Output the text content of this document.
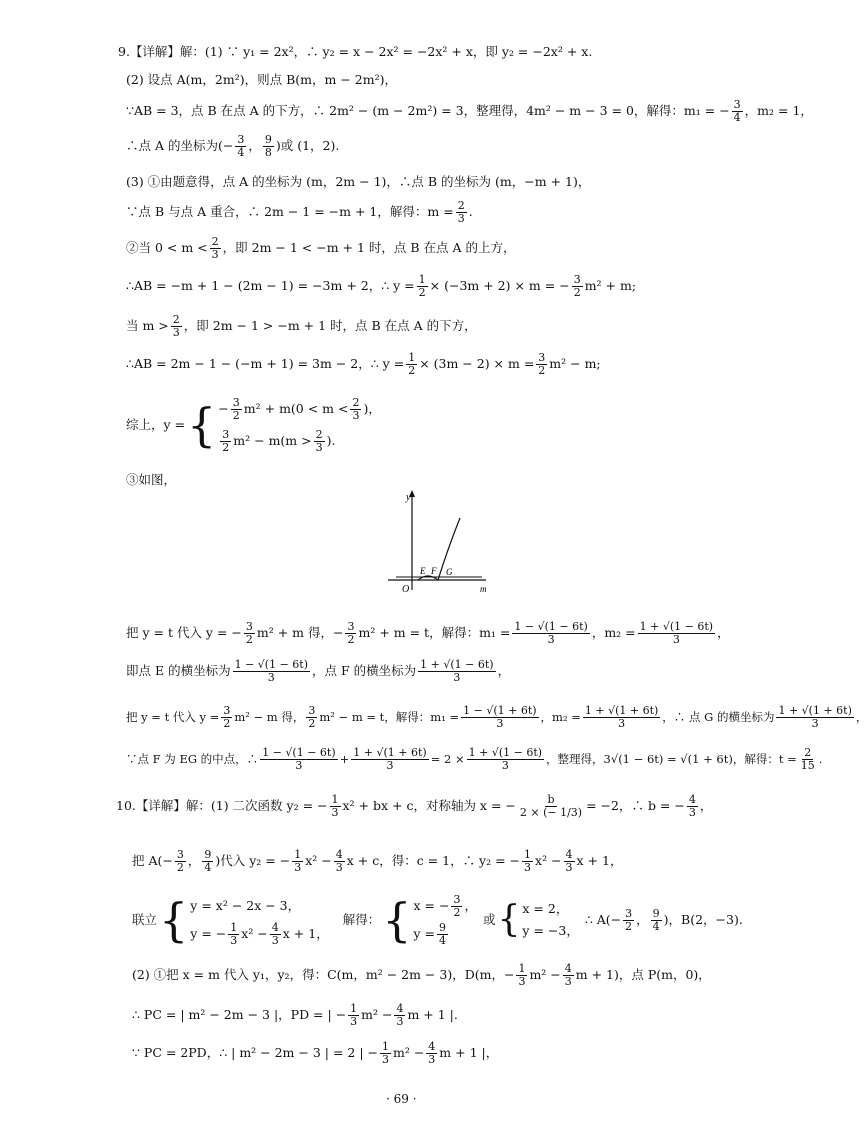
9.【详解】解：(1) ∵ y₁ = 2x²，∴ y₂ = x − 2x² = −2x² + x，即 y₂ = −2x² + x.
(2) 设点 A(m，2m²)，则点 B(m，m − 2m²)，
∵AB = 3，点 B 在点 A 的下方，∴ 2m² − (m − 2m²) = 3，整理得，4m² − m − 3 = 0，解得：m₁ = − $\frac{3}{4}$ ，m₂ = 1，
∴点 A 的坐标为(− $\frac{3}{4}$ ， $\frac{9}{8}$ )或 (1，2).
(3) ①由题意得，点 A 的坐标为 (m，2m − 1)，∴点 B 的坐标为 (m，−m + 1)，
∵点 B 与点 A 重合，∴ 2m − 1 = −m + 1，解得：$m = \frac{2}{3}$ .
②当 $0 < m < \frac{2}{3}$ ，即 2m − 1 < −m + 1 时，点 B 在点 A 的上方，
∴AB = −m + 1 − (2m − 1) = −3m + 2，∴ $y = \frac{1}{2} \times (-3m + 2) \times m$ = − $\frac{3}{2} m^2 + m$;
当 $m > \frac{2}{3}$ ，即 2m − 1 > −m + 1 时，点 B 在点 A 的下方，
∴AB = 2m − 1 − (−m + 1) = 3m − 2，∴ $y = \frac{1}{2} \times (3m - 2) \times m = \frac{3}{2} m^2 - m$;
综上，y = { − $\frac{3}{2} m^2 + m(0 < m < \frac{2}{3}$ )，
$\frac{3}{2} m^2 - m(m > \frac{2}{3}$ ).
③如图，
y
O	m
E F G
把 y = t 代入 y = − $\frac{3}{2} m^2 + m$ 得，− $\frac{3}{2} m^2 + m = t$，解得：$m_1 = \frac{1 - √(1 - 6t)}{3}$ ，$m_2 = \frac{1 + √(1 - 6t)}{3}$ ，
即点 E 的横坐标为 $\frac{1 - √(1 - 6t)}{3}$ ，点 F 的横坐标为 $\frac{1 + √(1 - 6t)}{3}$ ，
把 y = t 代入 $y = \frac{3}{2} m^2 - m$ 得， $\frac{3}{2} m^2 - m = t$，解得：$m_1 = \frac{1 - √(1 + 6t)}{3}$ ，$m_2 = \frac{1 + √(1 + 6t)}{3}$ ，∴ 点 G 的横坐标为 $\frac{1 + √(1 + 6t)}{3}$ ，
∵点 F 为 EG 的中点，∴ $\frac{1 - √(1 - 6t)}{3} + \frac{1 + √(1 + 6t)}{3} = 2 \times \frac{1 + √(1 - 6t)}{3}$ ，整理得，3√(1 − 6t) = √(1 + 6t)，解得：$t = \frac{2}{15}$ .
10.【详解】解：(1) 二次函数 y₂ = − $\frac{1}{3} x^2$ + bx + c，对称轴为 x = − $\frac{b}{2 \times (- 1/3)} = -2$，∴ b = − $\frac{4}{3}$ ，
把 $A(- \frac{3}{2}$ ， $\frac{9}{4}$ )代入 y₂ = − $\frac{1}{3} x^2 - \frac{4}{3}$ x + c，得：c = 1，∴ y₂ = − $\frac{1}{3} x^2 - \frac{4}{3}$ x + 1，
联立 { y = x² − 2x − 3，
y = − $\frac{1}{3} x^2 - \frac{4}{3}$ x + 1，
解得： { x = − $\frac{3}{2}$ ，
$y = \frac{9}{4}$
或 { x = 2，
y = −3，
∴ $A(- \frac{3}{2}$ ， $\frac{9}{4}$ )，B(2，−3).
(2) ①把 x = m 代入 y₁，y₂，得：C(m，m² − 2m − 3)，D(m，− $\frac{1}{3} m^2 - \frac{4}{3}$ m + 1)，点 P(m，0)，
∴ PC = | m² − 2m − 3 |，PD = | − $\frac{1}{3} m^2 - \frac{4}{3}$ m + 1 |.
∵ PC = 2PD，∴ | m² − 2m − 3 | = 2 | − $\frac{1}{3} m^2 - \frac{4}{3}$ m + 1 |，
· 69 ·
